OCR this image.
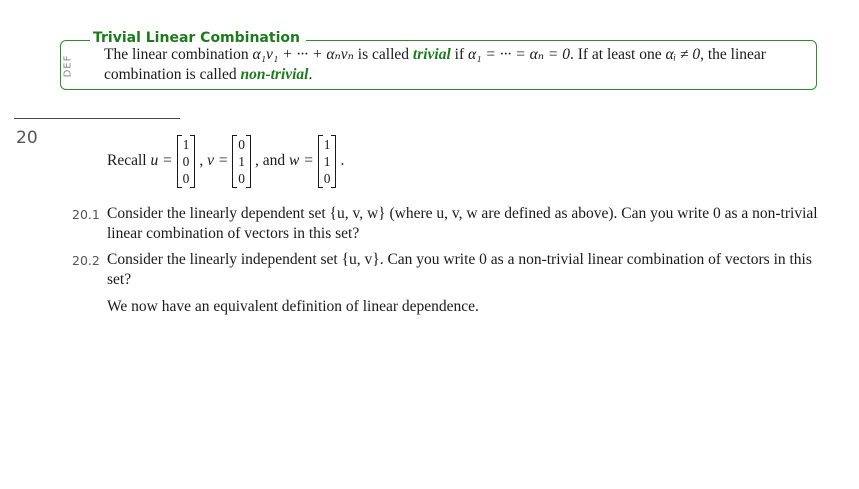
DEF
Trivial Linear Combination
The linear combination α₁v₁ + ··· + αₙvₙ is called trivial if α₁ = ··· = αₙ = 0. If at least one αᵢ ≠ 0, the linear combination is called non-trivial.
20
Recall
u =
1
0
0
, v =
0
1
0
, and
w =
1
1
0
.
20.1 Consider the linearly dependent set {u, v, w} (where u, v, w are defined as above). Can you write 0 as a non-trivial linear combination of vectors in this set?
20.2 Consider the linearly independent set {u, v}. Can you write 0 as a non-trivial linear combination of vectors in this set?
We now have an equivalent definition of linear dependence.
